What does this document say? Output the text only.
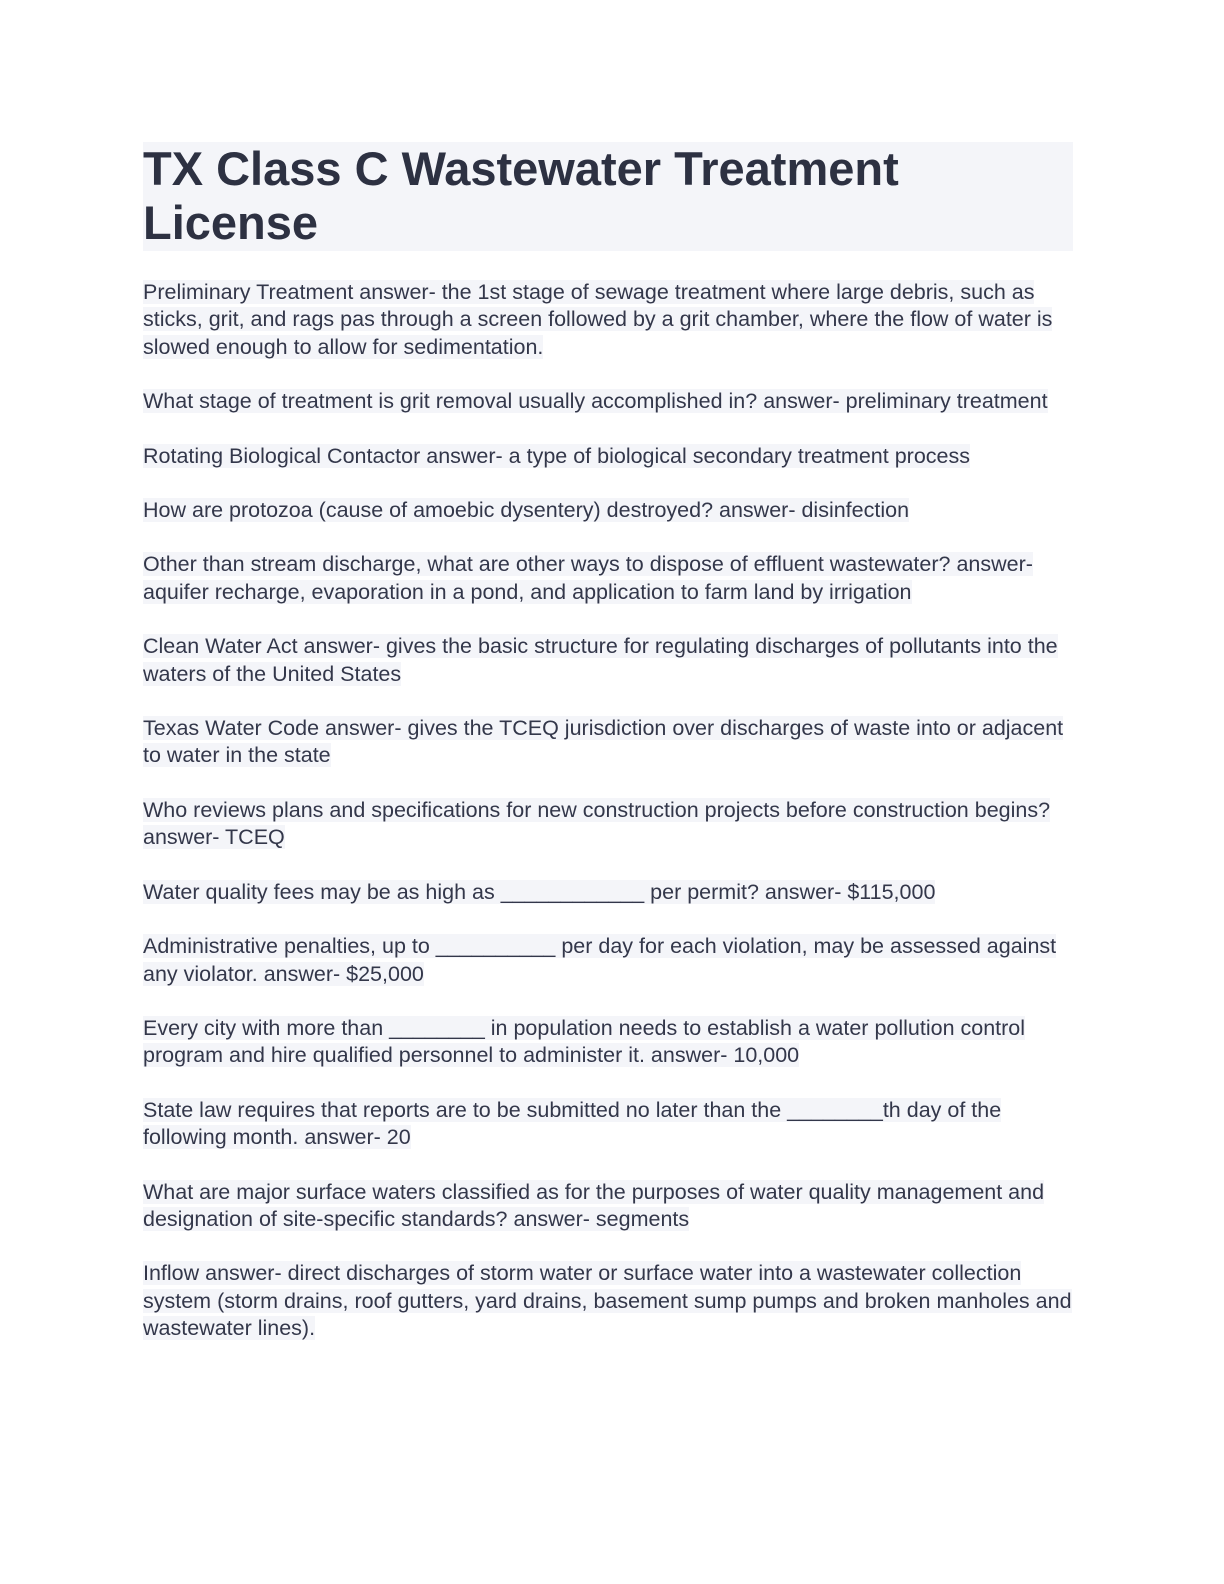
TX Class C Wastewater Treatment License

Preliminary Treatment answer- the 1st stage of sewage treatment where large debris, such as sticks, grit, and rags pas through a screen followed by a grit chamber, where the flow of water is slowed enough to allow for sedimentation.

What stage of treatment is grit removal usually accomplished in? answer- preliminary treatment

Rotating Biological Contactor answer- a type of biological secondary treatment process

How are protozoa (cause of amoebic dysentery) destroyed? answer- disinfection

Other than stream discharge, what are other ways to dispose of effluent wastewater? answer- aquifer recharge, evaporation in a pond, and application to farm land by irrigation

Clean Water Act answer- gives the basic structure for regulating discharges of pollutants into the waters of the United States

Texas Water Code answer- gives the TCEQ jurisdiction over discharges of waste into or adjacent to water in the state

Who reviews plans and specifications for new construction projects before construction begins? answer- TCEQ

Water quality fees may be as high as ____________ per permit? answer- $115,000

Administrative penalties, up to __________ per day for each violation, may be assessed against any violator. answer- $25,000

Every city with more than ________ in population needs to establish a water pollution control program and hire qualified personnel to administer it. answer- 10,000

State law requires that reports are to be submitted no later than the ________th day of the following month. answer- 20

What are major surface waters classified as for the purposes of water quality management and designation of site-specific standards? answer- segments

Inflow answer- direct discharges of storm water or surface water into a wastewater collection system (storm drains, roof gutters, yard drains, basement sump pumps and broken manholes and wastewater lines).
